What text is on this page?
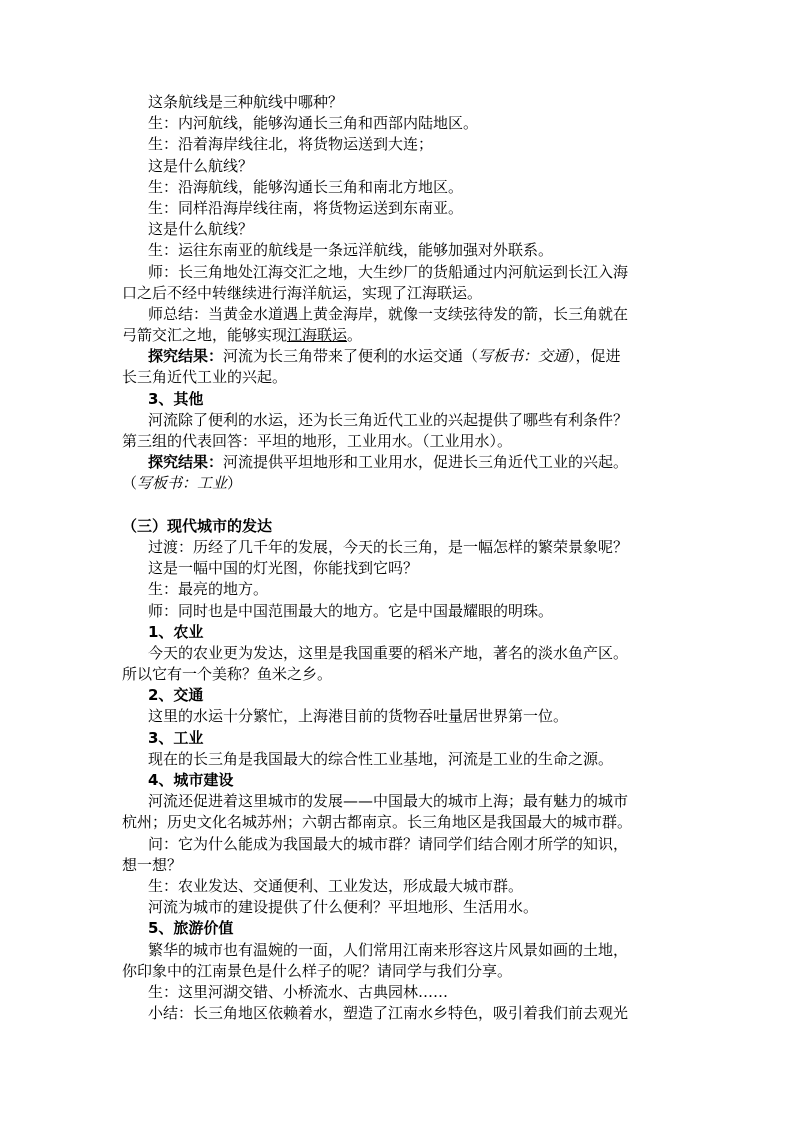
这条航线是三种航线中哪种？
生：内河航线，能够沟通长三角和西部内陆地区。
生：沿着海岸线往北，将货物运送到大连；
这是什么航线？
生：沿海航线，能够沟通长三角和南北方地区。
生：同样沿海岸线往南，将货物运送到东南亚。
这是什么航线？
生：运往东南亚的航线是一条远洋航线，能够加强对外联系。
师：长三角地处江海交汇之地，大生纱厂的货船通过内河航运到长江入海
口之后不经中转继续进行海洋航运，实现了江海联运。
师总结：当黄金水道遇上黄金海岸，就像一支续弦待发的箭，长三角就在
弓箭交汇之地，能够实现江海联运。
探究结果：河流为长三角带来了便利的水运交通（写板书：交通），促进
长三角近代工业的兴起。
3、其他
河流除了便利的水运，还为长三角近代工业的兴起提供了哪些有利条件？
第三组的代表回答：平坦的地形，工业用水。（工业用水）。
探究结果：河流提供平坦地形和工业用水，促进长三角近代工业的兴起。
（写板书：工业）
（三）现代城市的发达
过渡：历经了几千年的发展，今天的长三角，是一幅怎样的繁荣景象呢？
这是一幅中国的灯光图，你能找到它吗？
生：最亮的地方。
师：同时也是中国范围最大的地方。它是中国最耀眼的明珠。
1、农业
今天的农业更为发达，这里是我国重要的稻米产地，著名的淡水鱼产区。
所以它有一个美称？鱼米之乡。
2、交通
这里的水运十分繁忙，上海港目前的货物吞吐量居世界第一位。
3、工业
现在的长三角是我国最大的综合性工业基地，河流是工业的生命之源。
4、城市建设
河流还促进着这里城市的发展——中国最大的城市上海；最有魅力的城市
杭州；历史文化名城苏州；六朝古都南京。长三角地区是我国最大的城市群。
问：它为什么能成为我国最大的城市群？请同学们结合刚才所学的知识，
想一想？
生：农业发达、交通便利、工业发达，形成最大城市群。
河流为城市的建设提供了什么便利？平坦地形、生活用水。
5、旅游价值
繁华的城市也有温婉的一面，人们常用江南来形容这片风景如画的土地，
你印象中的江南景色是什么样子的呢？请同学与我们分享。
生：这里河湖交错、小桥流水、古典园林……
小结：长三角地区依赖着水，塑造了江南水乡特色，吸引着我们前去观光
